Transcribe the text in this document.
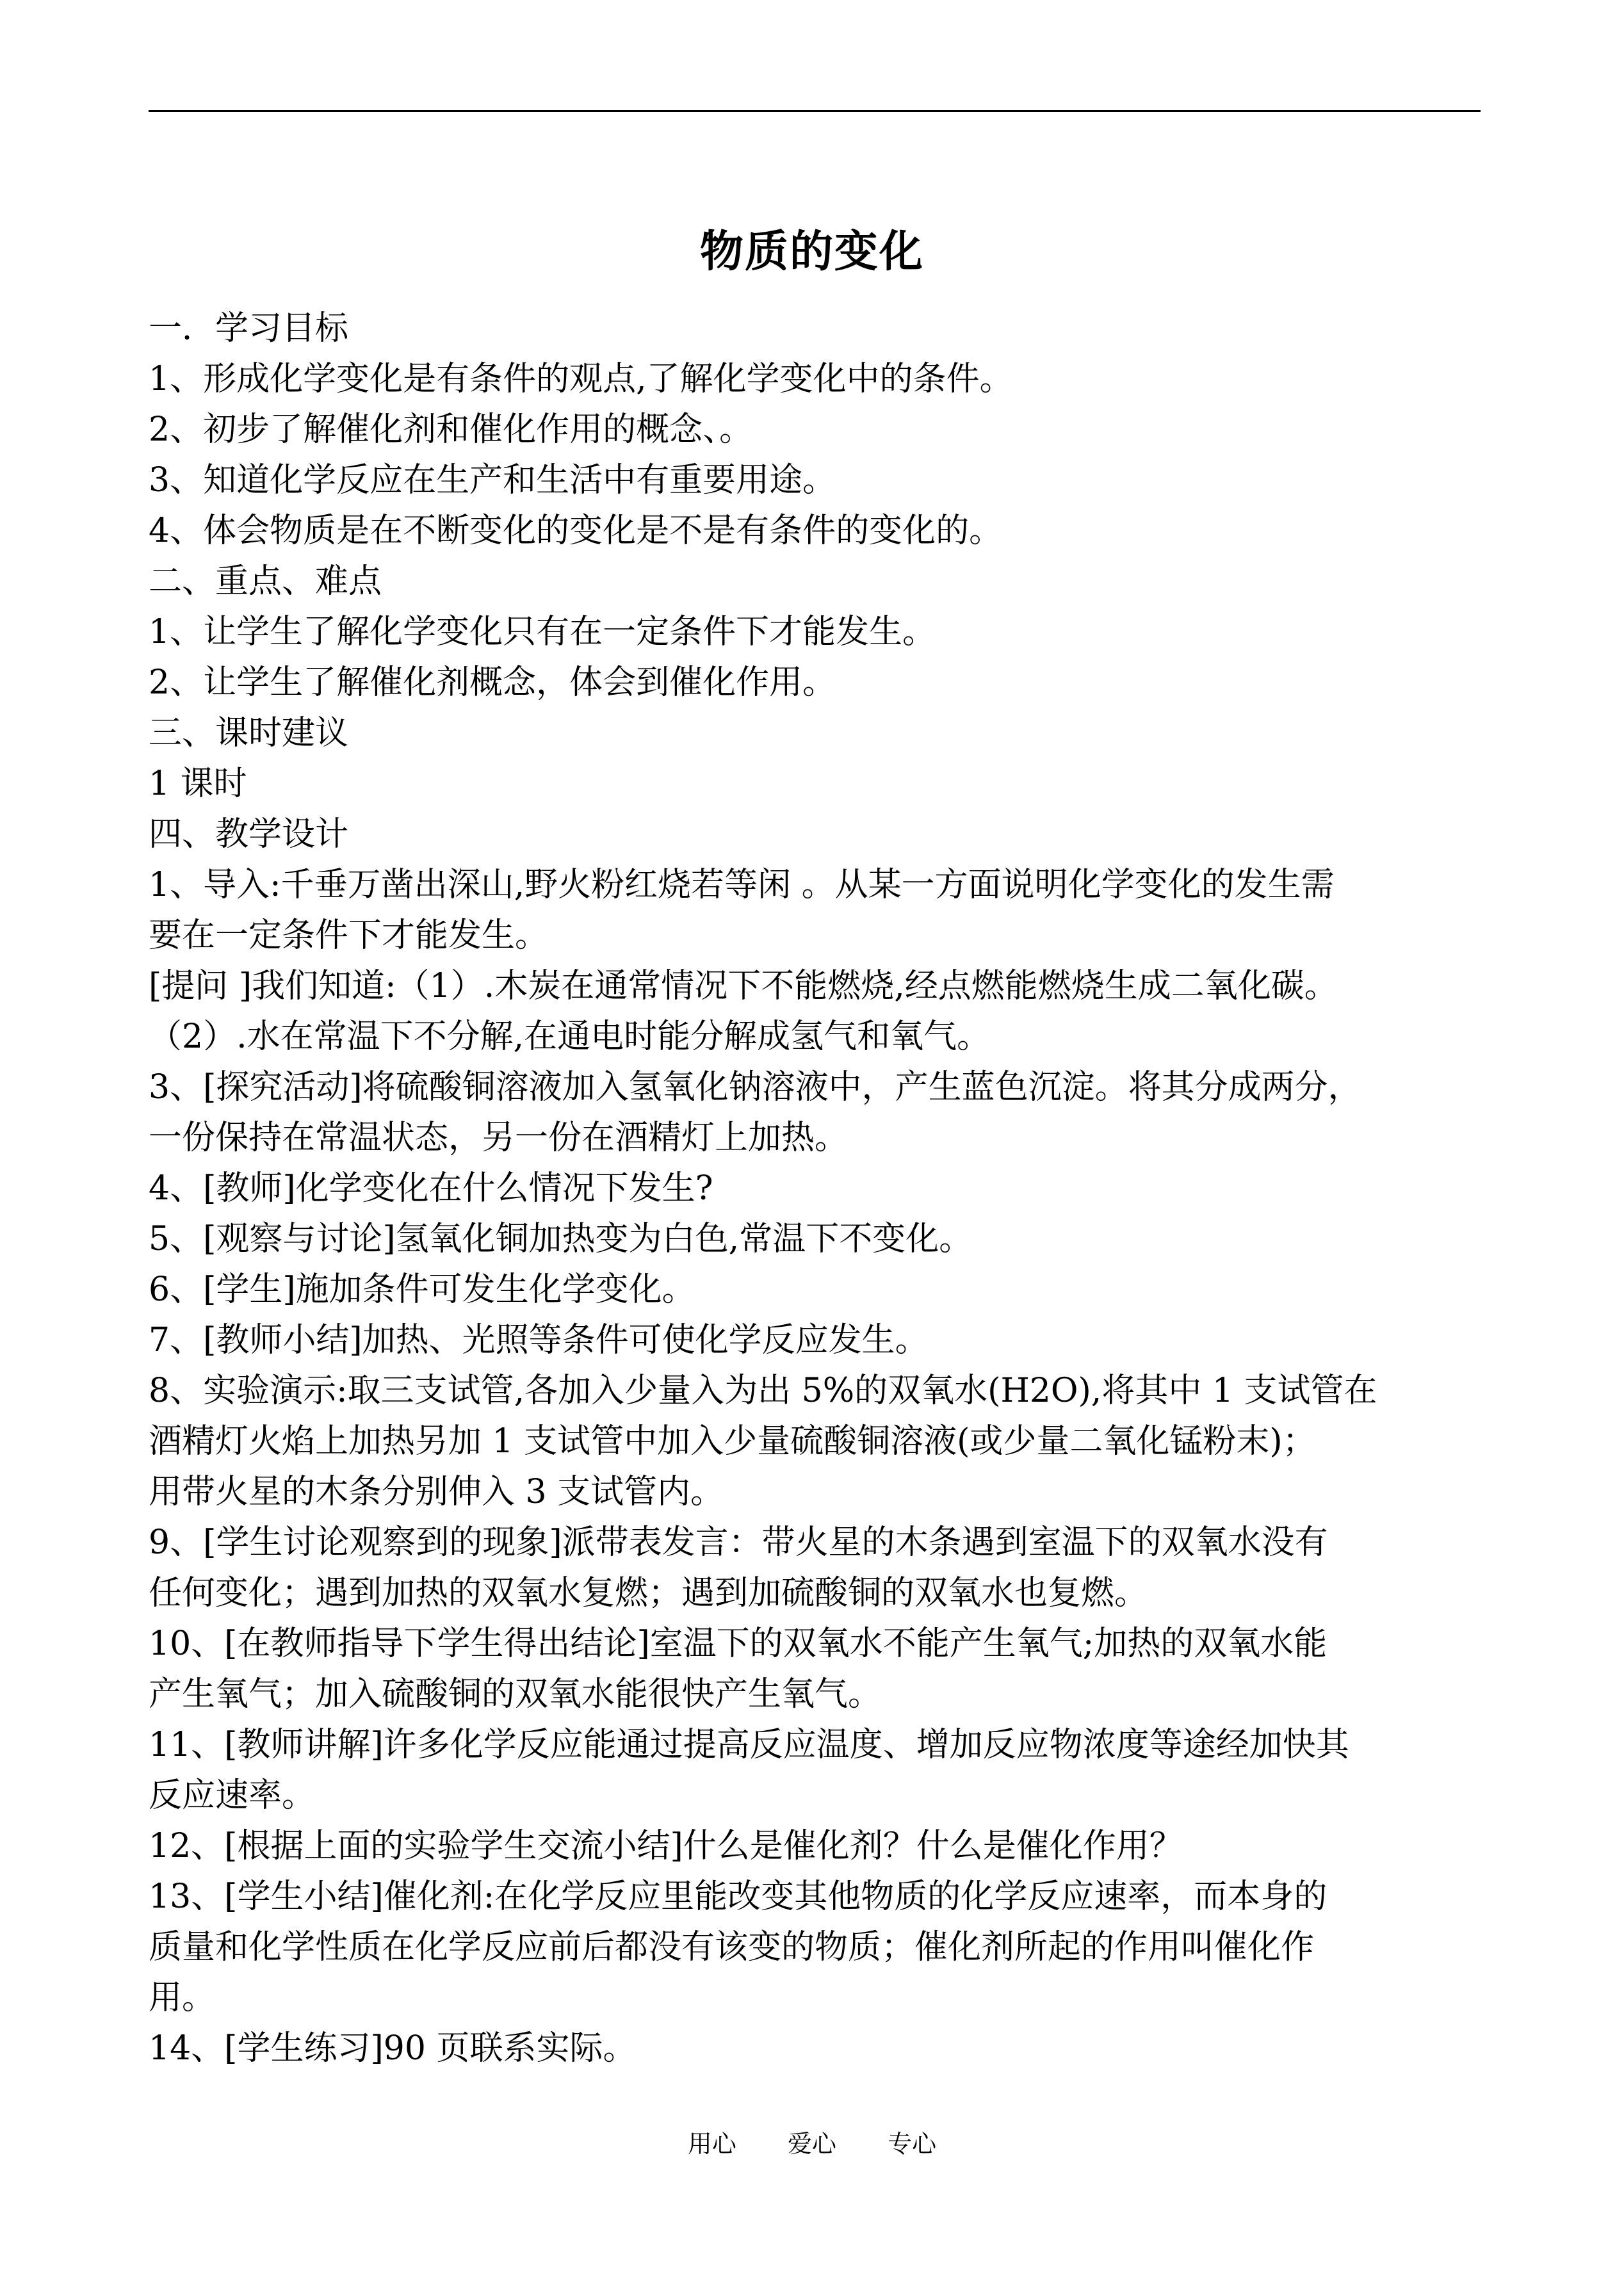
物质的变化
一．学习目标
1、形成化学变化是有条件的观点,了解化学变化中的条件。
2、初步了解催化剂和催化作用的概念、。
3、知道化学反应在生产和生活中有重要用途。
4、体会物质是在不断变化的变化是不是有条件的变化的。
二、重点、难点
1、让学生了解化学变化只有在一定条件下才能发生。
2、让学生了解催化剂概念，体会到催化作用。
三、课时建议
1 课时
四、教学设计
1、导入:千垂万凿出深山,野火粉红烧若等闲 。从某一方面说明化学变化的发生需
要在一定条件下才能发生。
[提问 ]我们知道:（1）.木炭在通常情况下不能燃烧,经点燃能燃烧生成二氧化碳。
（2）.水在常温下不分解,在通电时能分解成氢气和氧气。
3、[探究活动]将硫酸铜溶液加入氢氧化钠溶液中，产生蓝色沉淀。将其分成两分，
一份保持在常温状态，另一份在酒精灯上加热。
4、[教师]化学变化在什么情况下发生?
5、[观察与讨论]氢氧化铜加热变为白色,常温下不变化。
6、[学生]施加条件可发生化学变化。
7、[教师小结]加热、光照等条件可使化学反应发生。
8、实验演示:取三支试管,各加入少量入为出 5%的双氧水(H2O),将其中 1 支试管在
酒精灯火焰上加热另加 1 支试管中加入少量硫酸铜溶液(或少量二氧化锰粉末)；
用带火星的木条分别伸入 3 支试管内。
9、[学生讨论观察到的现象]派带表发言：带火星的木条遇到室温下的双氧水没有
任何变化；遇到加热的双氧水复燃；遇到加硫酸铜的双氧水也复燃。
10、[在教师指导下学生得出结论]室温下的双氧水不能产生氧气;加热的双氧水能
产生氧气；加入硫酸铜的双氧水能很快产生氧气。
11、[教师讲解]许多化学反应能通过提高反应温度、增加反应物浓度等途经加快其
反应速率。
12、[根据上面的实验学生交流小结]什么是催化剂？什么是催化作用？
13、[学生小结]催化剂:在化学反应里能改变其他物质的化学反应速率，而本身的
质量和化学性质在化学反应前后都没有该变的物质；催化剂所起的作用叫催化作
用。
14、[学生练习]90 页联系实际。
用心 爱心 专心
